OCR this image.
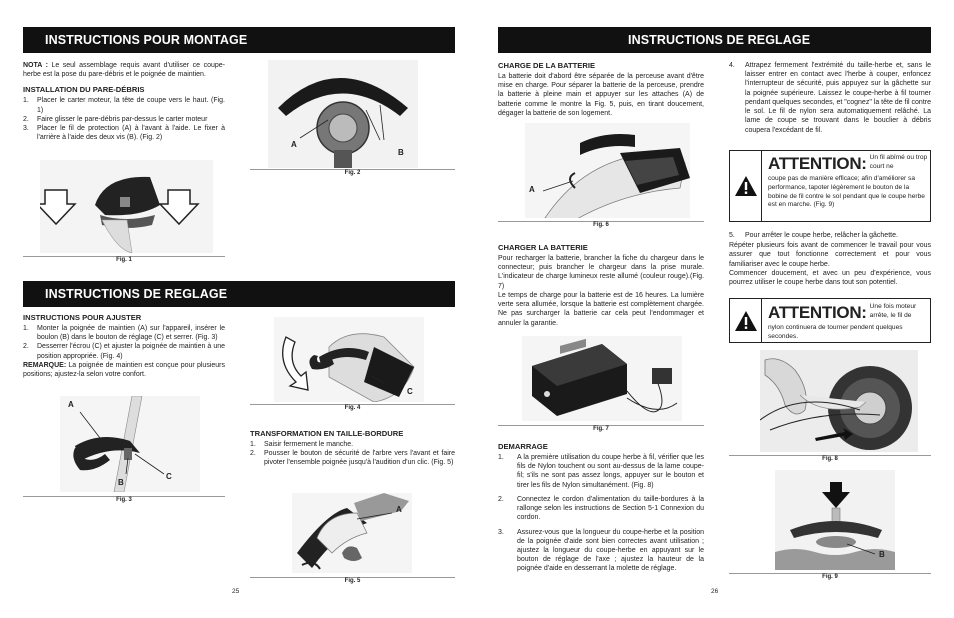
INSTRUCTIONS POUR MONTAGE

NOTA : Le seul assemblage requis avant d'utiliser ce coupe-herbe est la pose du pare-débris et le poignée de maintien.

INSTALLATION DU PARE-DÉBRIS
1. Placer le carter moteur, la tête de coupe vers le haut. (Fig. 1)
2. Faire glisser le pare-débris par-dessus le carter moteur
3. Placer le fil de protection (A) à l'avant à l'aide. Le fixer à l'arrière à l'aide des deux vis (B). (Fig. 2)
Fig. 1
A
B
Fig. 2
INSTRUCTIONS DE REGLAGE
INSTRUCTIONS POUR AJUSTER
1. Monter la poignée de maintien (A) sur l'appareil, insérer le boulon (B) dans le bouton de réglage (C) et serrer. (Fig. 3)
2. Desserrer l'écrou (C) et ajuster la poignée de maintien à une position appropriée. (Fig. 4)

REMARQUE: La poignée de maintien est conçue pour plusieurs positions; ajustez-la selon votre confort.

A
B
C
Fig. 3
C
Fig. 4
TRANSFORMATION EN TAILLE-BORDURE
1. Saisir fermement le manche.
2. Pousser le bouton de sécurité de l'arbre vers l'avant et faire pivoter l'ensemble poignée jusqu'à l'audition d'un clic. (Fig. 5)
A
Fig. 5
25
INSTRUCTIONS DE REGLAGE
CHARGE DE LA BATTERIE

La batterie doit d'abord être séparée de la perceuse avant d'être mise en charge. Pour séparer la batterie de la perceuse, prendre la batterie à pleine main et appuyer sur les attaches (A) de batterie comme le montre la Fig. 5, puis, en tirant doucement, dégager la batterie de son logement.

A
Fig. 6
CHARGER LA BATTERIE

Pour recharger la batterie, brancher la fiche du chargeur dans le connecteur; puis brancher le chargeur dans la prise murale. L'indicateur de charge lumineux reste allumé (couleur rouge).(Fig. 7)

Le temps de charge pour la batterie est de 16 heures. La lumière verte sera allumée, lorsque la batterie est complètement chargée. Ne pas surcharger la batterie car cela peut l'endommager et annuler la garantie.

Fig. 7
DEMARRAGE
1. A la première utilisation du coupe herbe à fil, vérifier que les fils de Nylon touchent ou sont au-dessus de la lame coupe-fil; s'ils ne sont pas assez longs, appuyer sur le bouton et tirer les fils de Nylon simultanément. (Fig. 8)
2. Connectez le cordon d'alimentation du taille-bordures à la rallonge selon les instructions de Section 5-1 Connexion du cordon.
3. Assurez-vous que la longueur du coupe-herbe et la position de la poignée d'aide sont bien correctes avant utilisation ; ajustez la longueur du coupe-herbe en appuyant sur le bouton de réglage de l'axe ; ajustez la hauteur de la poignée d'aide en desserrant la molette de réglage.
4. Attrapez fermement l'extrémité du taille-herbe et, sans le laisser entrer en contact avec l'herbe à couper, enfoncez l'interrupteur de sécurité, puis appuyez sur la gâchette sur la poignée supérieure. Laissez le coupe-herbe à fil tourner pendant quelques secondes, et "cognez" la tête de fil contre le sol. Le fil de nylon sera automatiquement relâché. La lame de coupe se trouvant dans le bouclier à débris coupera l'excédant de fil.
ATTENTION: Un fil abîmé ou trop court ne
coupe pas de manière efficace; afin d'améliorer sa performance, tapoter légèrement le bouton de la bobine de fil contre le sol pendant que le coupe herbe est en marche. (Fig. 9)
5. Pour arrêter le coupe herbe, relâcher la gâchette.

Répéter plusieurs fois avant de commencer le travail pour vous assurer que tout fonctionne correctement et pour vous familiariser avec le coupe herbe.

Commencer doucement, et avec un peu d'expérience, vous pourrez utiliser le coupe herbe dans tout son potentiel.

ATTENTION: Une fois moteur arrête, le fil de
nylon continuera de tourner pendent quelques secondes.
Fig. 8
B
Fig. 9
26
